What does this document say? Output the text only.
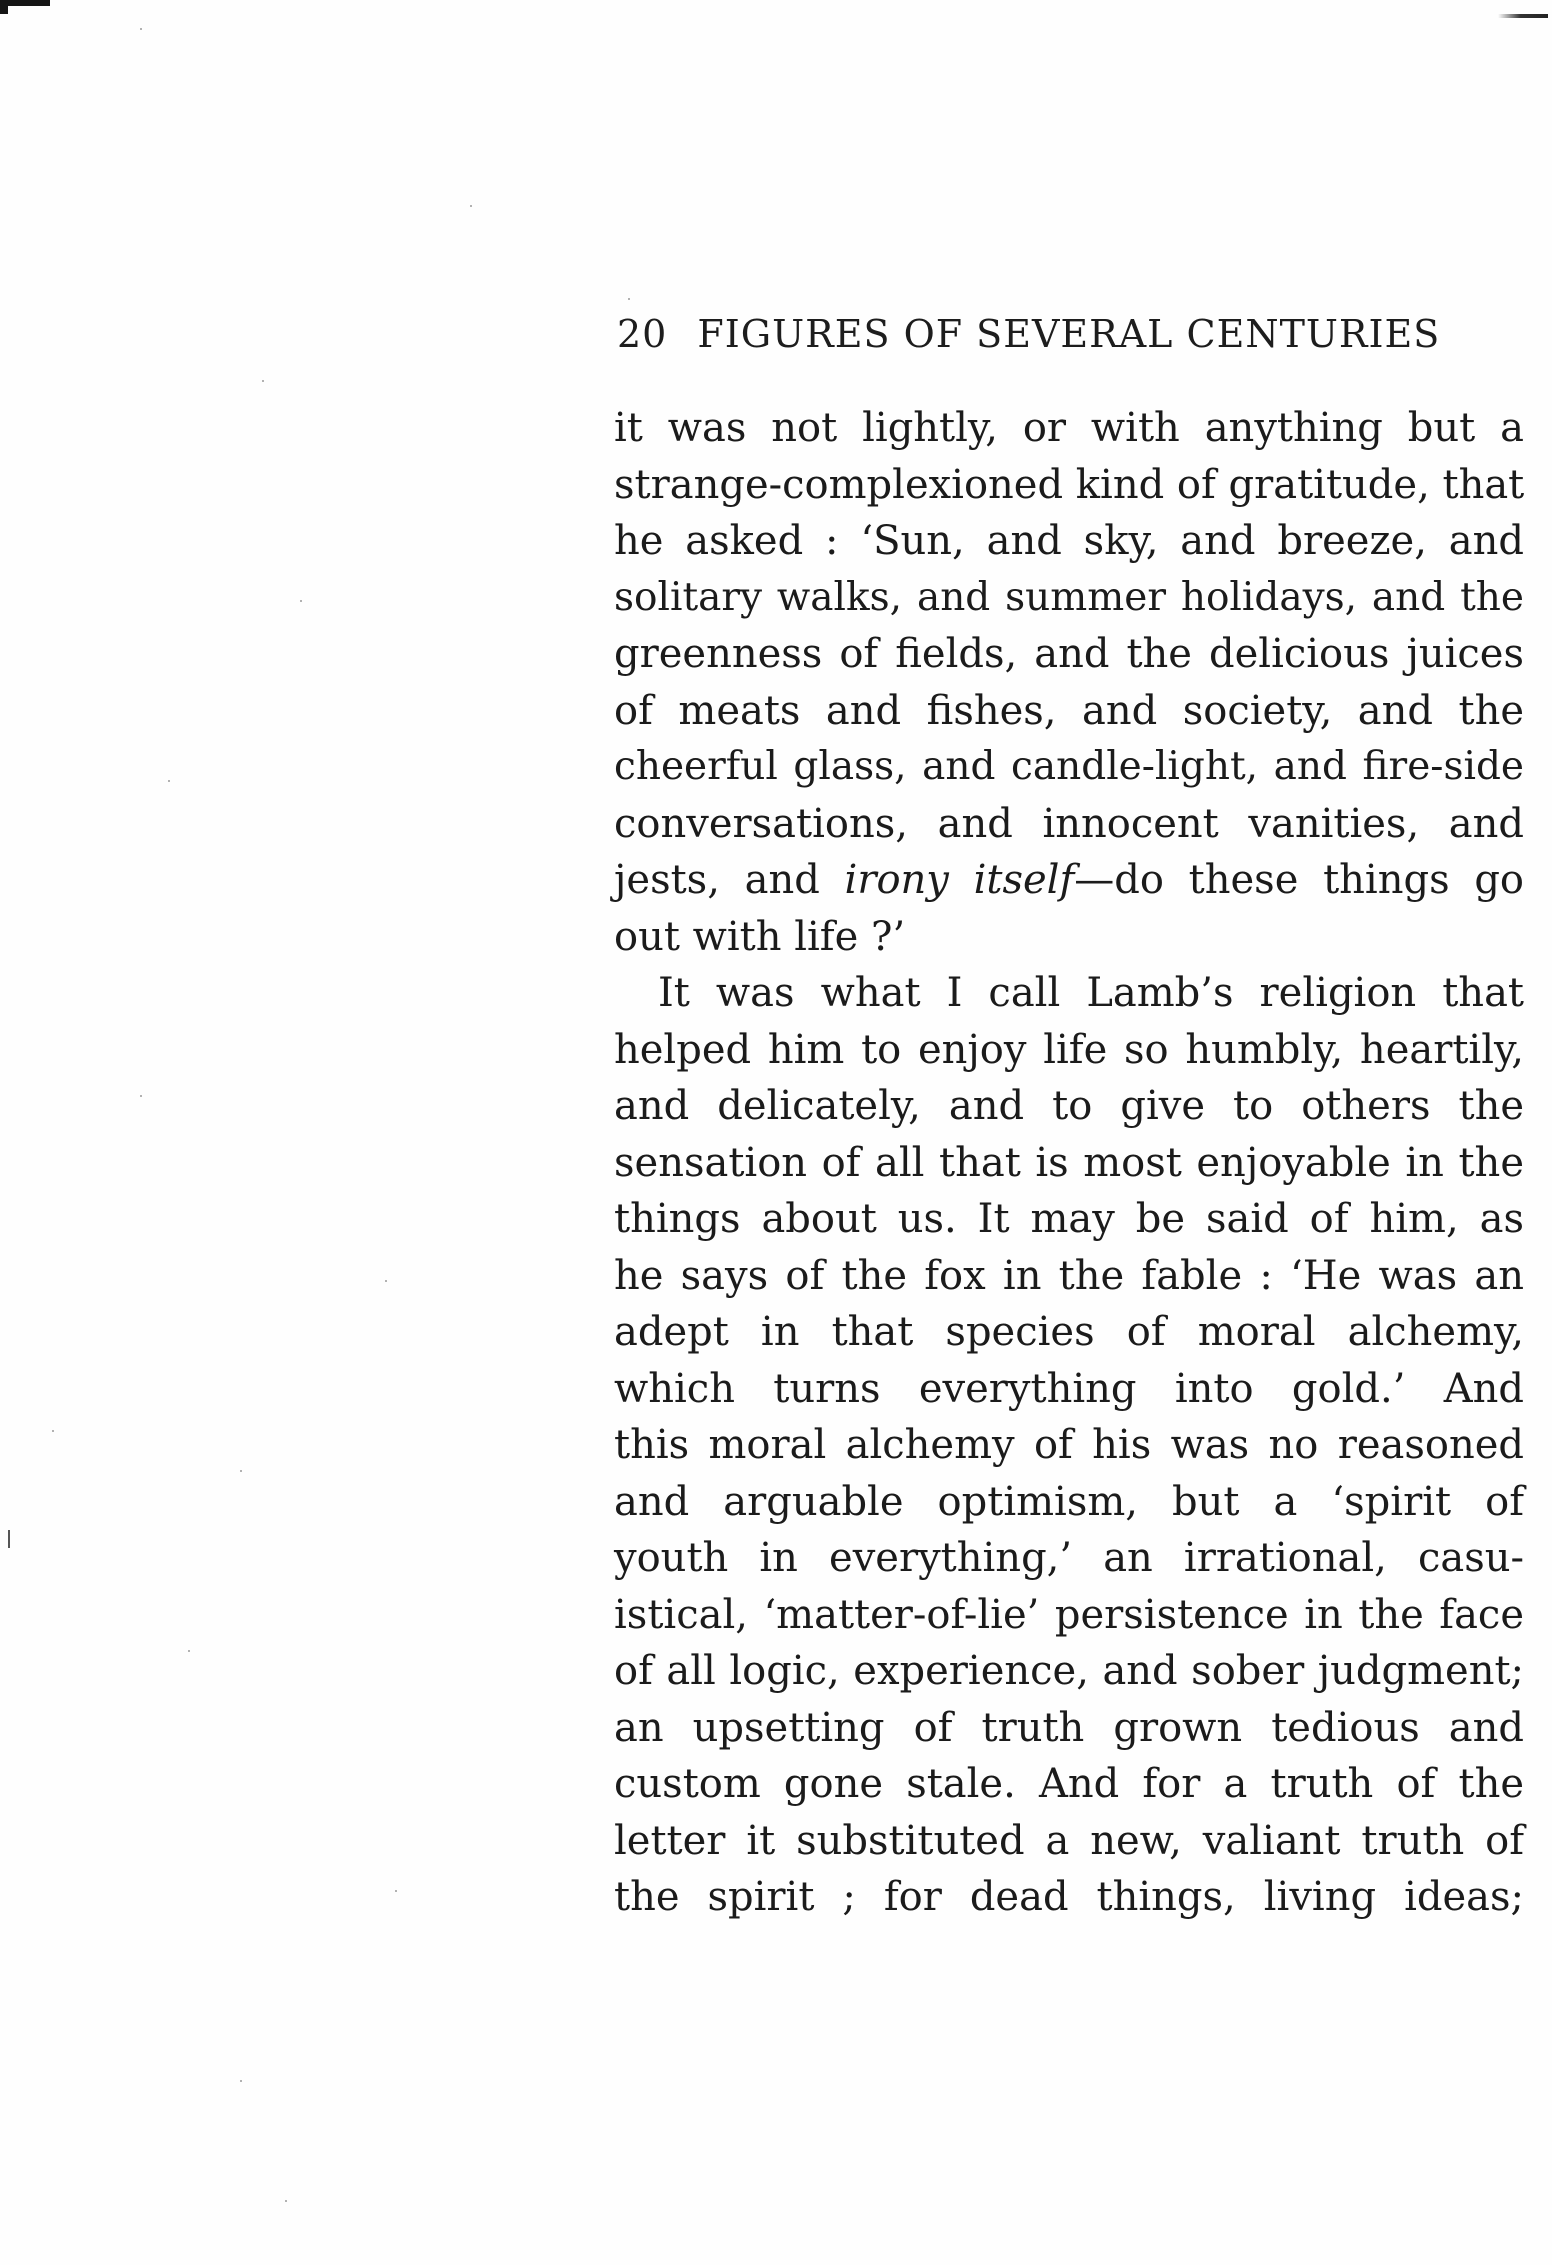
20 FIGURES OF SEVERAL CENTURIES
it was not lightly, or with anything but a
strange-complexioned kind of gratitude, that
he asked : ‘Sun, and sky, and breeze, and
solitary walks, and summer holidays, and the
greenness of fields, and the delicious juices
of meats and fishes, and society, and the
cheerful glass, and candle-light, and fire-side
conversations, and innocent vanities, and
jests, and irony itself—do these things go
out with life ?’
It was what I call Lamb’s religion that
helped him to enjoy life so humbly, heartily,
and delicately, and to give to others the
sensation of all that is most enjoyable in the
things about us. It may be said of him, as
he says of the fox in the fable : ‘He was an
adept in that species of moral alchemy,
which turns everything into gold.’ And
this moral alchemy of his was no reasoned
and arguable optimism, but a ‘spirit of
youth in everything,’ an irrational, casu-
istical, ‘matter-of-lie’ persistence in the face
of all logic, experience, and sober judgment;
an upsetting of truth grown tedious and
custom gone stale. And for a truth of the
letter it substituted a new, valiant truth of
the spirit ; for dead things, living ideas;
